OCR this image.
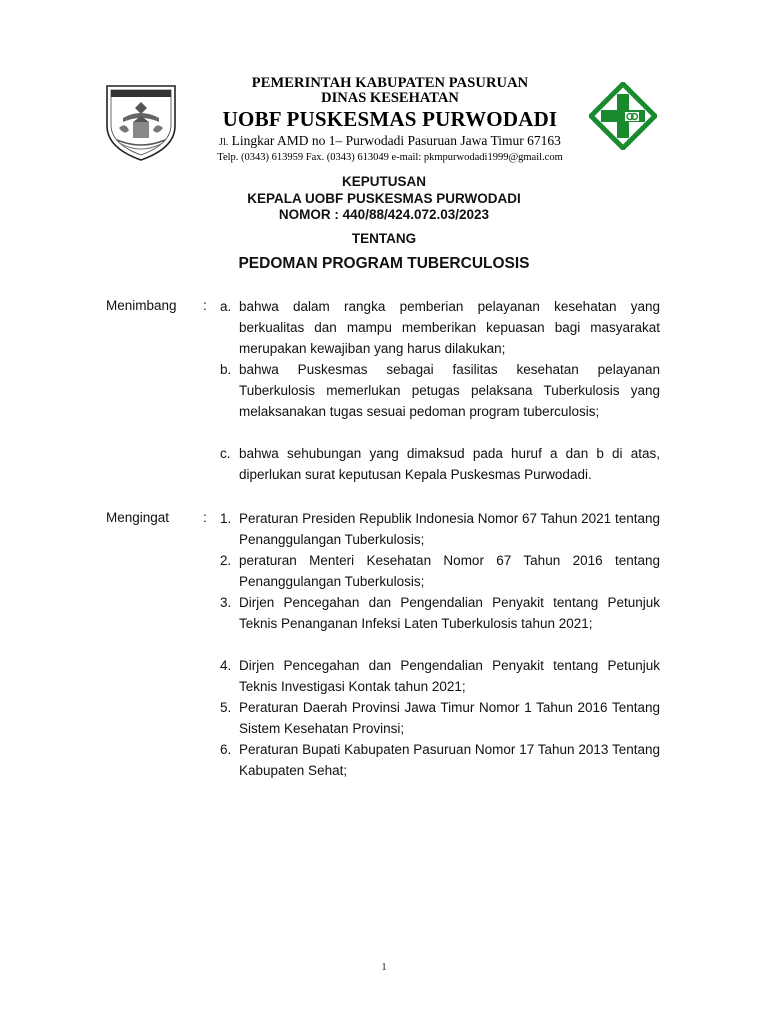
PEMERINTAH KABUPATEN PASURUAN
DINAS KESEHATAN
UOBF PUSKESMAS PURWODADI
Jl. Lingkar AMD no 1– Purwodadi Pasuruan Jawa Timur 67163
Telp. (0343) 613959 Fax. (0343) 613049 e-mail: pkmpurwodadi1999@gmail.com
KEPUTUSAN
KEPALA UOBF PUSKESMAS PURWODADI
NOMOR : 440/88/424.072.03/2023
TENTANG
PEDOMAN PROGRAM TUBERCULOSIS
Menimbang : a. bahwa dalam rangka pemberian pelayanan kesehatan yang berkualitas dan mampu memberikan kepuasan bagi masyarakat merupakan kewajiban yang harus dilakukan;
b. bahwa Puskesmas sebagai fasilitas kesehatan pelayanan Tuberkulosis memerlukan petugas pelaksana Tuberkulosis yang melaksanakan tugas sesuai pedoman program tuberculosis;
c. bahwa sehubungan yang dimaksud pada huruf a dan b di atas, diperlukan surat keputusan Kepala Puskesmas Purwodadi.
Mengingat	: 1. Peraturan Presiden Republik Indonesia Nomor 67 Tahun 2021 tentang Penanggulangan Tuberkulosis;
2. peraturan Menteri Kesehatan Nomor 67 Tahun 2016 tentang Penanggulangan Tuberkulosis;
3. Dirjen Pencegahan dan Pengendalian Penyakit tentang Petunjuk Teknis Penanganan Infeksi Laten Tuberkulosis tahun 2021;
4. Dirjen Pencegahan dan Pengendalian Penyakit tentang Petunjuk Teknis Investigasi Kontak tahun 2021;
5. Peraturan Daerah Provinsi Jawa Timur Nomor 1 Tahun 2016 Tentang Sistem Kesehatan Provinsi;
6. Peraturan Bupati Kabupaten Pasuruan Nomor 17 Tahun 2013 Tentang Kabupaten Sehat;
1
